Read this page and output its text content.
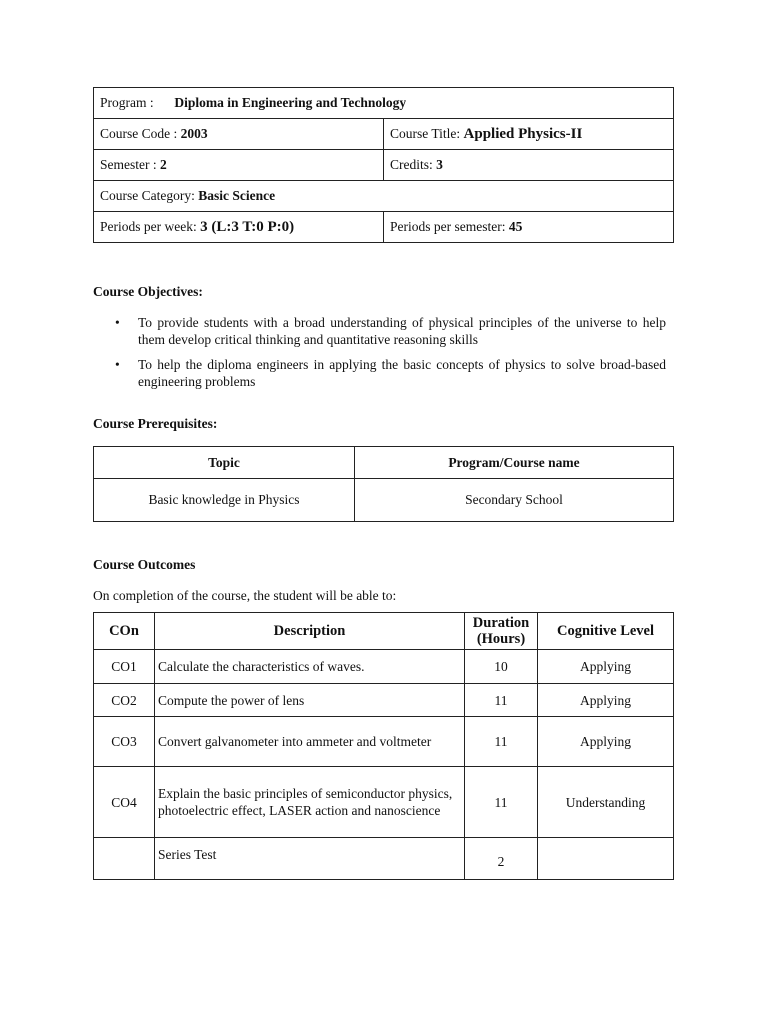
Program : Diploma in Engineering and Technology	
Course Code : 2003	Course Title: Applied Physics-II
Semester : 2	Credits: 3
Course Category: Basic Science	
Periods per week: 3 (L:3 T:0 P:0)	Periods per semester: 45
Course Objectives:
• To provide students with a broad understanding of physical principles of the universe to help them develop critical thinking and quantitative reasoning skills
• To help the diploma engineers in applying the basic concepts of physics to solve broad-based engineering problems
Course Prerequisites:
Topic	Program/Course name
Basic knowledge in Physics	Secondary School
Course Outcomes
On completion of the course, the student will be able to:
COn	Description	Duration (Hours)	Cognitive Level
CO1	Calculate the characteristics of waves.	10	Applying
CO2	Compute the power of lens	11	Applying
CO3	Convert galvanometer into ammeter and voltmeter	11	Applying
CO4	Explain the basic principles of semiconductor physics, photoelectric effect, LASER action and nanoscience	11	Understanding
	Series Test	2	
